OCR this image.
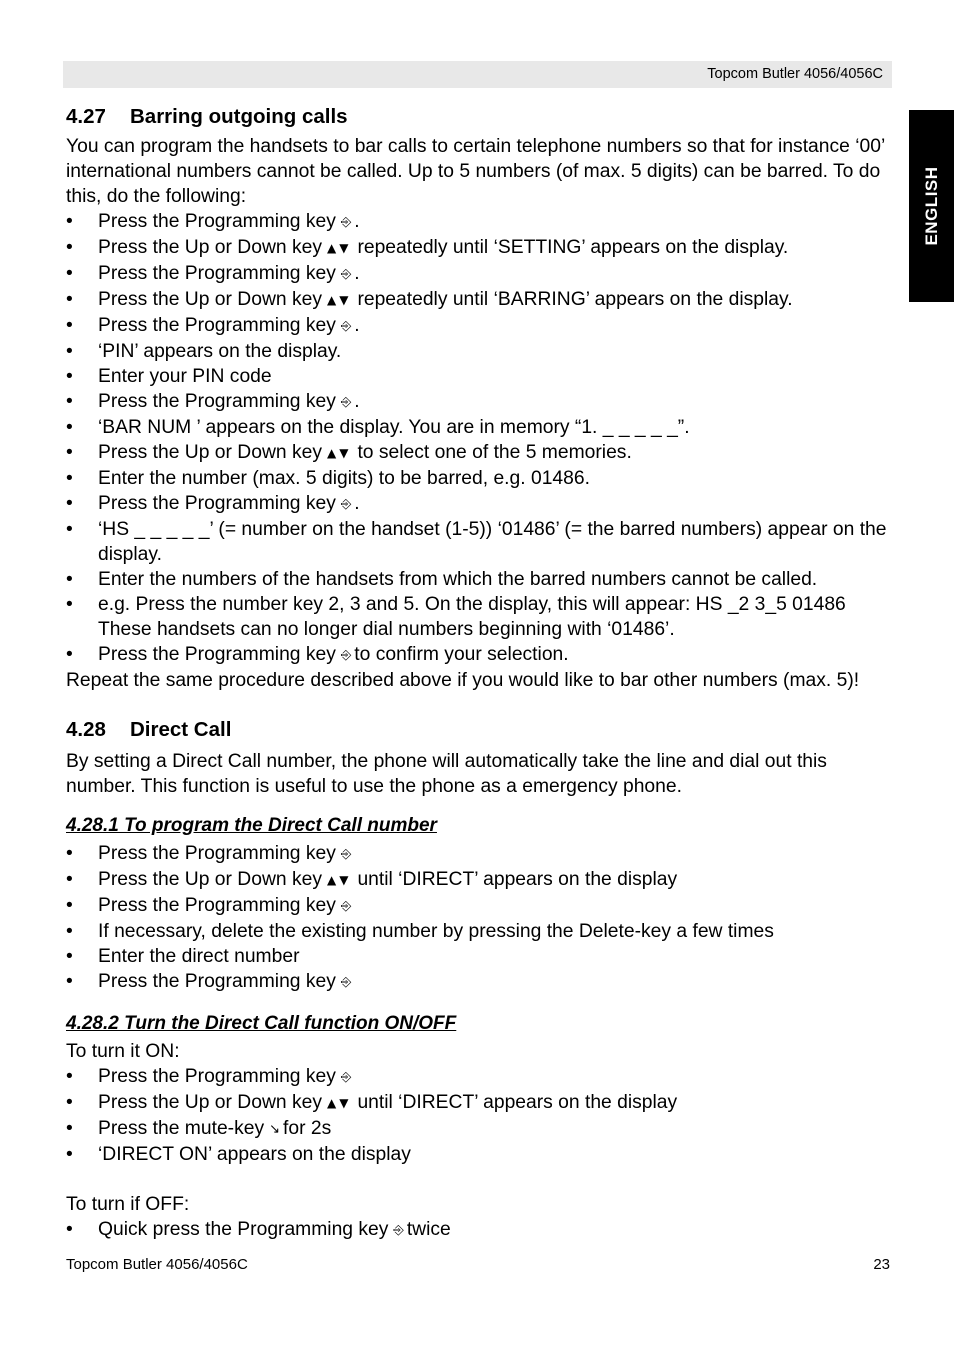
Topcom Butler 4056/4056C
ENGLISH
4.27 Barring outgoing calls

You can program the handsets to bar calls to certain telephone numbers so that for instance ‘00’ international numbers cannot be called. Up to 5 numbers (of max. 5 digits) can be barred. To do this, do the following:

• Press the Programming key ⎆ .
• Press the Up or Down key ▲▼ repeatedly until ‘SETTING’ appears on the display.
• Press the Programming key ⎆ .
• Press the Up or Down key ▲▼ repeatedly until ‘BARRING’ appears on the display.
• Press the Programming key ⎆ .
• ‘PIN’ appears on the display.
• Enter your PIN code
• Press the Programming key ⎆ .
• ‘BAR NUM ’ appears on the display. You are in memory “1. _ _ _ _ _”.
• Press the Up or Down key ▲▼ to select one of the 5 memories.
• Enter the number (max. 5 digits) to be barred, e.g. 01486.
• Press the Programming key ⎆ .
• ‘HS _ _ _ _ _’ (= number on the handset (1-5)) ‘01486’ (= the barred numbers) appear on the display.
• Enter the numbers of the handsets from which the barred numbers cannot be called.
• e.g. Press the number key 2, 3 and 5. On the display, this will appear: HS _2 3_5 01486 These handsets can no longer dial numbers beginning with ‘01486’.
• Press the Programming key ⎆ to confirm your selection.

Repeat the same procedure described above if you would like to bar other numbers (max. 5)!

4.28 Direct Call

By setting a Direct Call number, the phone will automatically take the line and dial out this number. This function is useful to use the phone as a emergency phone.

4.28.1 To program the Direct Call number
• Press the Programming key ⎆
• Press the Up or Down key ▲▼ until ‘DIRECT’ appears on the display
• Press the Programming key ⎆
• If necessary, delete the existing number by pressing the Delete-key a few times
• Enter the direct number
• Press the Programming key ⎆
4.28.2 Turn the Direct Call function ON/OFF

To turn it ON:

• Press the Programming key ⎆
• Press the Up or Down key ▲▼ until ‘DIRECT’ appears on the display
• Press the mute-key ↘ for 2s
• ‘DIRECT ON’ appears on the display

To turn if OFF:

• Quick press the Programming key ⎆ twice
Topcom Butler 4056/4056C	23
